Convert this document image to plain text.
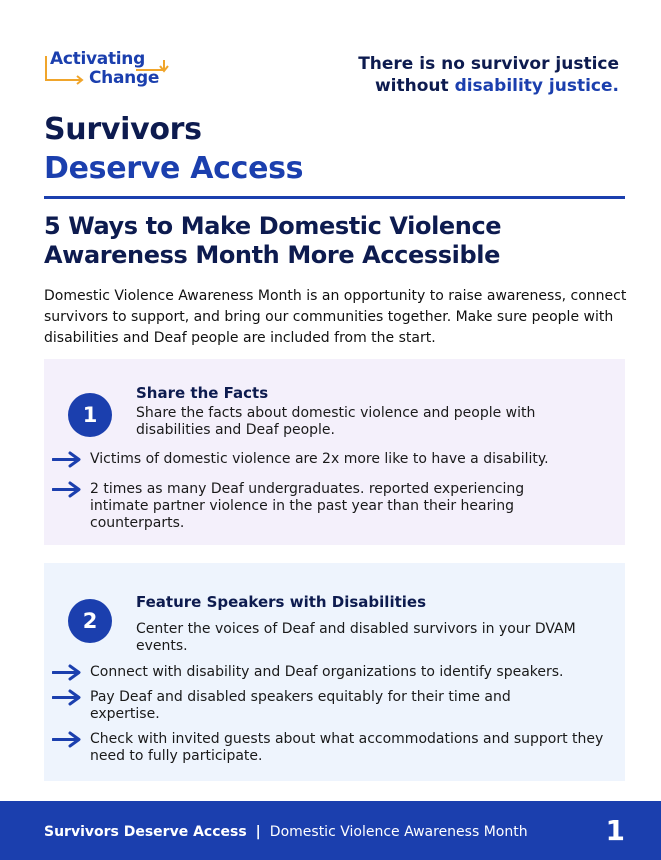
Activating
Change
There is no survivor justice
without disability justice.
Survivors
Deserve Access
5 Ways to Make Domestic Violence
Awareness Month More Accessible

Domestic Violence Awareness Month is an opportunity to raise awareness, connect survivors to support, and bring our communities together. Make sure people with disabilities and Deaf people are included from the start.

1
Share the Facts
Share the facts about domestic violence and people with disabilities and Deaf people.
Victims of domestic violence are 2x more like to have a disability.
2 times as many Deaf undergraduates. reported experiencing intimate partner violence in the past year than their hearing counterparts.
2
Feature Speakers with Disabilities
Center the voices of Deaf and disabled survivors in your DVAM events.
Connect with disability and Deaf organizations to identify speakers.
Pay Deaf and disabled speakers equitably for their time and expertise.
Check with invited guests about what accommodations and support they need to fully participate.
Survivors Deserve Access | Domestic Violence Awareness Month	1
